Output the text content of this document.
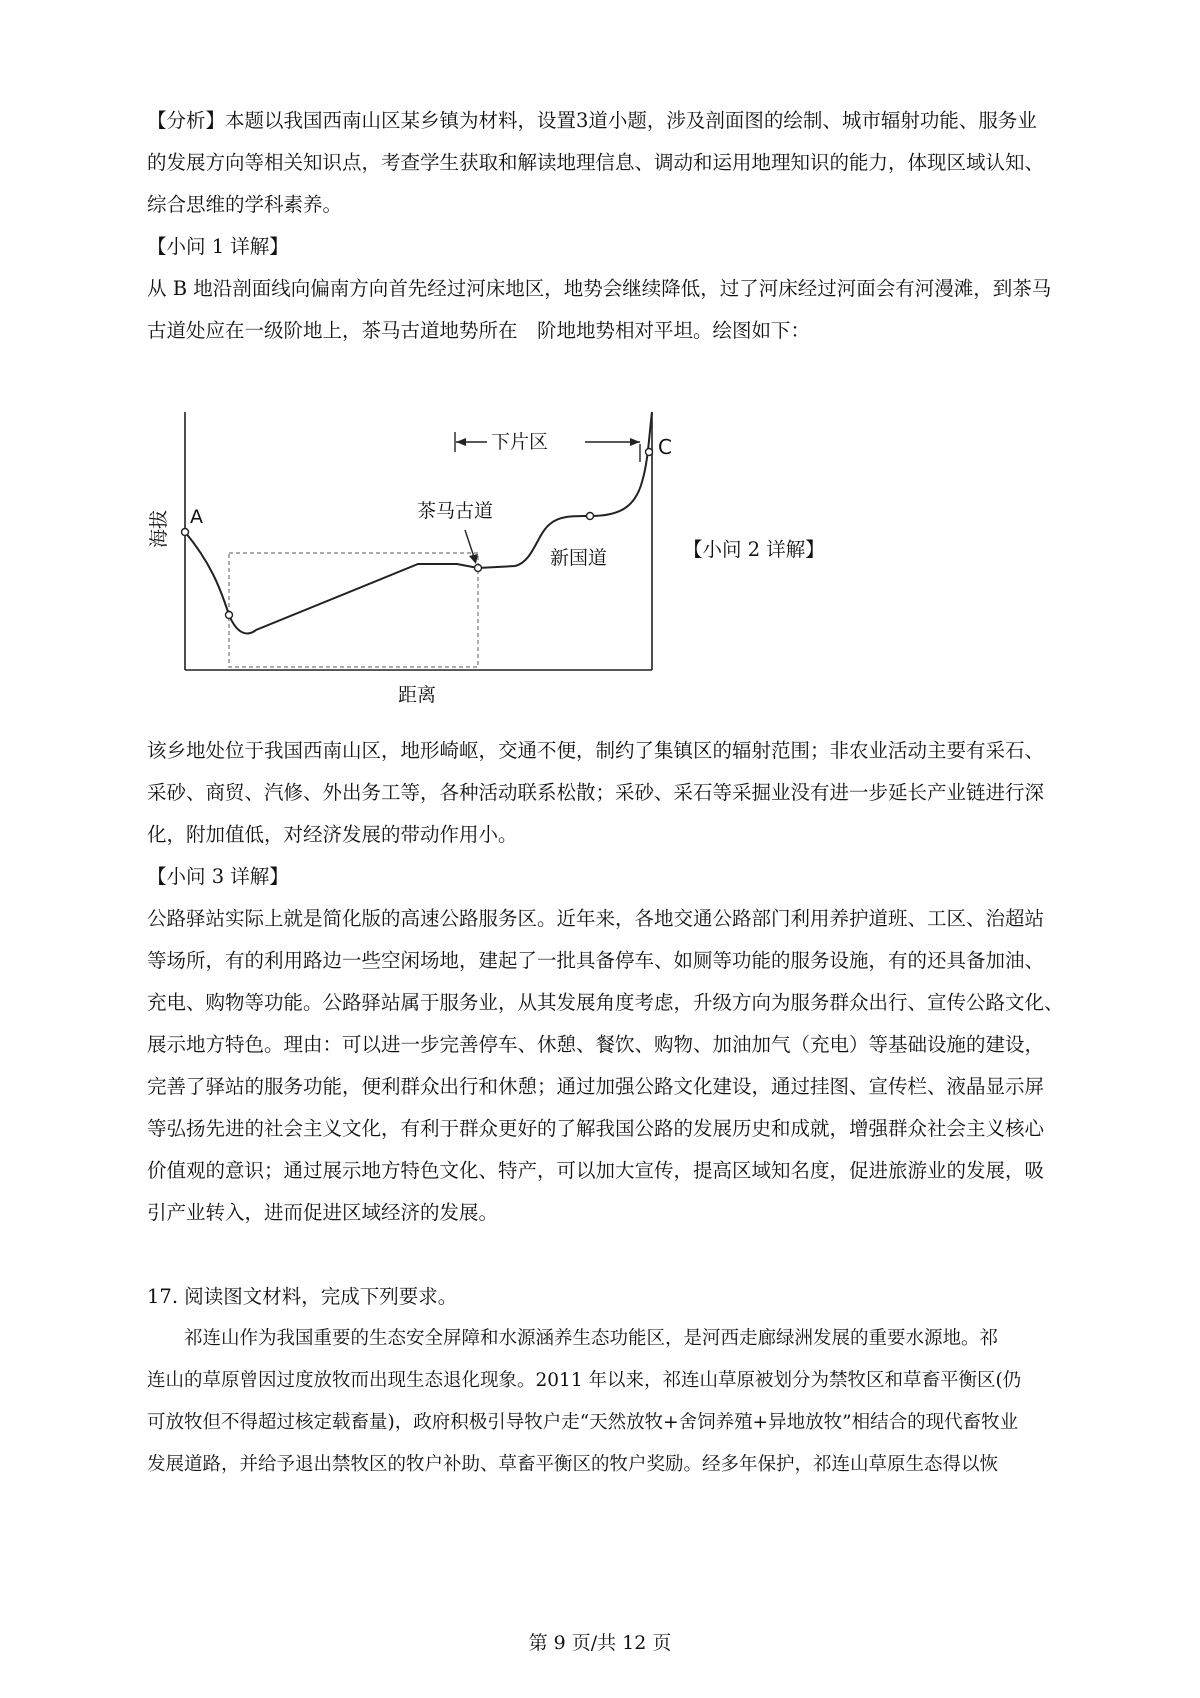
【分析】本题以我国西南山区某乡镇为材料，设置3道小题，涉及剖面图的绘制、城市辐射功能、服务业
的发展方向等相关知识点，考查学生获取和解读地理信息、调动和运用地理知识的能力，体现区域认知、
综合思维的学科素养。

【小问 1 详解】
从 B 地沿剖面线向偏南方向首先经过河床地区，地势会继续降低，过了河床经过河面会有河漫滩，到茶马
古道处应在一级阶地上，茶马古道地势所在　阶地地势相对平坦。绘图如下：

A
C
下片区
茶马古道
新国道
海拔
距离
【小问 2 详解】

该乡地处位于我国西南山区，地形崎岖，交通不便，制约了集镇区的辐射范围；非农业活动主要有采石、
采砂、商贸、汽修、外出务工等，各种活动联系松散；采砂、采石等采掘业没有进一步延长产业链进行深
化，附加值低，对经济发展的带动作用小。

【小问 3 详解】
公路驿站实际上就是简化版的高速公路服务区。近年来，各地交通公路部门利用养护道班、工区、治超站
等场所，有的利用路边一些空闲场地，建起了一批具备停车、如厕等功能的服务设施，有的还具备加油、
充电、购物等功能。公路驿站属于服务业，从其发展角度考虑，升级方向为服务群众出行、宣传公路文化、
展示地方特色。理由：可以进一步完善停车、休憩、餐饮、购物、加油加气（充电）等基础设施的建设，
完善了驿站的服务功能，便利群众出行和休憩；通过加强公路文化建设，通过挂图、宣传栏、液晶显示屏
等弘扬先进的社会主义文化，有利于群众更好的了解我国公路的发展历史和成就，增强群众社会主义核心
价值观的意识；通过展示地方特色文化、特产，可以加大宣传，提高区域知名度，促进旅游业的发展，吸
引产业转入，进而促进区域经济的发展。

17. 阅读图文材料，完成下列要求。

祁连山作为我国重要的生态安全屏障和水源涵养生态功能区，是河西走廊绿洲发展的重要水源地。祁
连山的草原曾因过度放牧而出现生态退化现象。2011 年以来，祁连山草原被划分为禁牧区和草畜平衡区(仍
可放牧但不得超过核定载畜量)，政府积极引导牧户走“天然放牧+舍饲养殖+异地放牧”相结合的现代畜牧业
发展道路，并给予退出禁牧区的牧户补助、草畜平衡区的牧户奖励。经多年保护，祁连山草原生态得以恢

第 9 页/共 12 页
